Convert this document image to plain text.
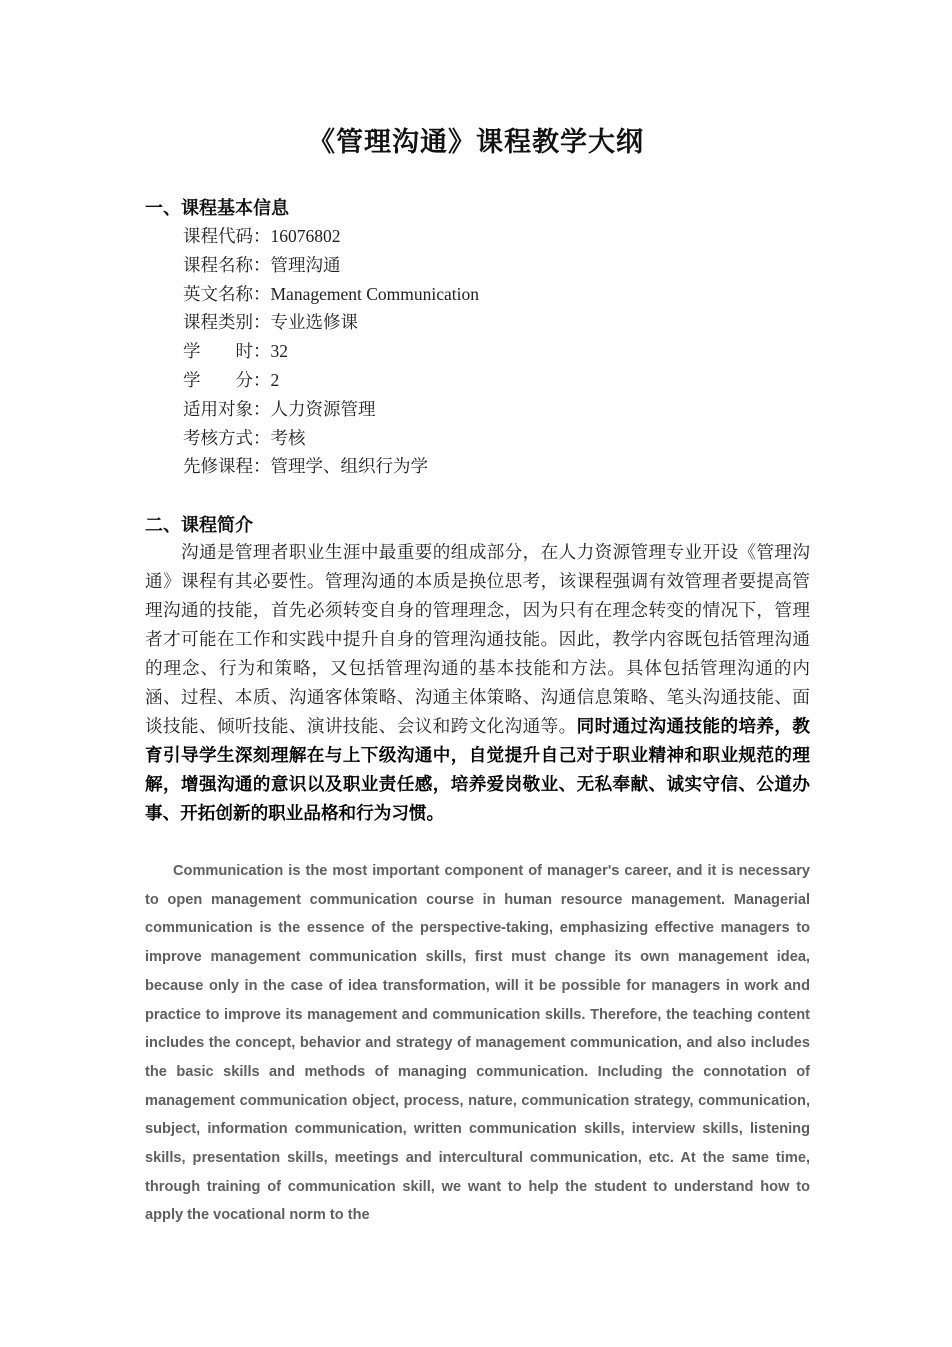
《管理沟通》课程教学大纲
一、课程基本信息
课程代码：16076802
课程名称：管理沟通
英文名称：Management Communication
课程类别：专业选修课
学　　时：32
学　　分：2
适用对象：人力资源管理
考核方式：考核
先修课程：管理学、组织行为学
二、课程简介

沟通是管理者职业生涯中最重要的组成部分，在人力资源管理专业开设《管理沟通》课程有其必要性。管理沟通的本质是换位思考，该课程强调有效管理者要提高管理沟通的技能，首先必须转变自身的管理理念，因为只有在理念转变的情况下，管理者才可能在工作和实践中提升自身的管理沟通技能。因此，教学内容既包括管理沟通的理念、行为和策略，又包括管理沟通的基本技能和方法。具体包括管理沟通的内涵、过程、本质、沟通客体策略、沟通主体策略、沟通信息策略、笔头沟通技能、面谈技能、倾听技能、演讲技能、会议和跨文化沟通等。同时通过沟通技能的培养，教育引导学生深刻理解在与上下级沟通中，自觉提升自己对于职业精神和职业规范的理解，增强沟通的意识以及职业责任感，培养爱岗敬业、无私奉献、诚实守信、公道办事、开拓创新的职业品格和行为习惯。

Communication is the most important component of manager's career, and it is necessary to open management communication course in human resource management. Managerial communication is the essence of the perspective-taking, emphasizing effective managers to improve management communication skills, first must change its own management idea, because only in the case of idea transformation, will it be possible for managers in work and practice to improve its management and communication skills. Therefore, the teaching content includes the concept, behavior and strategy of management communication, and also includes the basic skills and methods of managing communication. Including the connotation of management communication object, process, nature, communication strategy, communication, subject, information communication, written communication skills, interview skills, listening skills, presentation skills, meetings and intercultural communication, etc. At the same time, through training of communication skill, we want to help the student to understand how to apply the vocational norm to the
